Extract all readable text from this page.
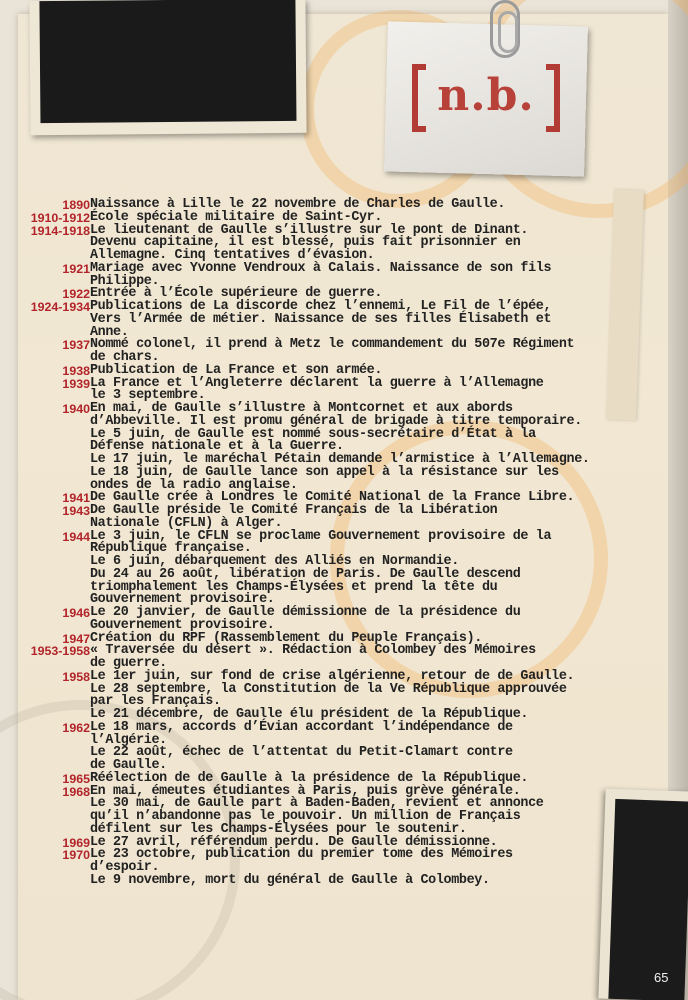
n.b.
1890 Naissance à Lille le 22 novembre de Charles de Gaulle.
1910-1912 École spéciale militaire de Saint-Cyr.
1914-1918 Le lieutenant de Gaulle s’illustre sur le pont de Dinant.
Devenu capitaine, il est blessé, puis fait prisonnier en
Allemagne. Cinq tentatives d’évasion.
1921 Mariage avec Yvonne Vendroux à Calais. Naissance de son fils
Philippe.
1922 Entrée à l’École supérieure de guerre.
1924-1934 Publications de La discorde chez l’ennemi, Le Fil de l’épée,
Vers l’Armée de métier. Naissance de ses filles Élisabeth et
Anne.
1937 Nommé colonel, il prend à Metz le commandement du 507e Régiment
de chars.
1938 Publication de La France et son armée.
1939 La France et l’Angleterre déclarent la guerre à l’Allemagne
le 3 septembre.
1940 En mai, de Gaulle s’illustre à Montcornet et aux abords
d’Abbeville. Il est promu général de brigade à titre temporaire.
Le 5 juin, de Gaulle est nommé sous-secrétaire d’État à la
Défense nationale et à la Guerre.
Le 17 juin, le maréchal Pétain demande l’armistice à l’Allemagne.
Le 18 juin, de Gaulle lance son appel à la résistance sur les
ondes de la radio anglaise.
1941 De Gaulle crée à Londres le Comité National de la France Libre.
1943 De Gaulle préside le Comité Français de la Libération
Nationale (CFLN) à Alger.
1944 Le 3 juin, le CFLN se proclame Gouvernement provisoire de la
République française.
Le 6 juin, débarquement des Alliés en Normandie.
Du 24 au 26 août, libération de Paris. De Gaulle descend
triomphalement les Champs-Élysées et prend la tête du
Gouvernement provisoire.
1946 Le 20 janvier, de Gaulle démissionne de la présidence du
Gouvernement provisoire.
1947 Création du RPF (Rassemblement du Peuple Français).
1953-1958 « Traversée du désert ». Rédaction à Colombey des Mémoires
de guerre.
1958 Le 1er juin, sur fond de crise algérienne, retour de de Gaulle.
Le 28 septembre, la Constitution de la Ve République approuvée
par les Français.
Le 21 décembre, de Gaulle élu président de la République.
1962 Le 18 mars, accords d’Évian accordant l’indépendance de
l’Algérie.
Le 22 août, échec de l’attentat du Petit-Clamart contre
de Gaulle.
1965 Réélection de de Gaulle à la présidence de la République.
1968 En mai, émeutes étudiantes à Paris, puis grève générale.
Le 30 mai, de Gaulle part à Baden-Baden, revient et annonce
qu’il n’abandonne pas le pouvoir. Un million de Français
défilent sur les Champs-Élysées pour le soutenir.
1969 Le 27 avril, référendum perdu. De Gaulle démissionne.
1970 Le 23 octobre, publication du premier tome des Mémoires
d’espoir.
Le 9 novembre, mort du général de Gaulle à Colombey.
65
